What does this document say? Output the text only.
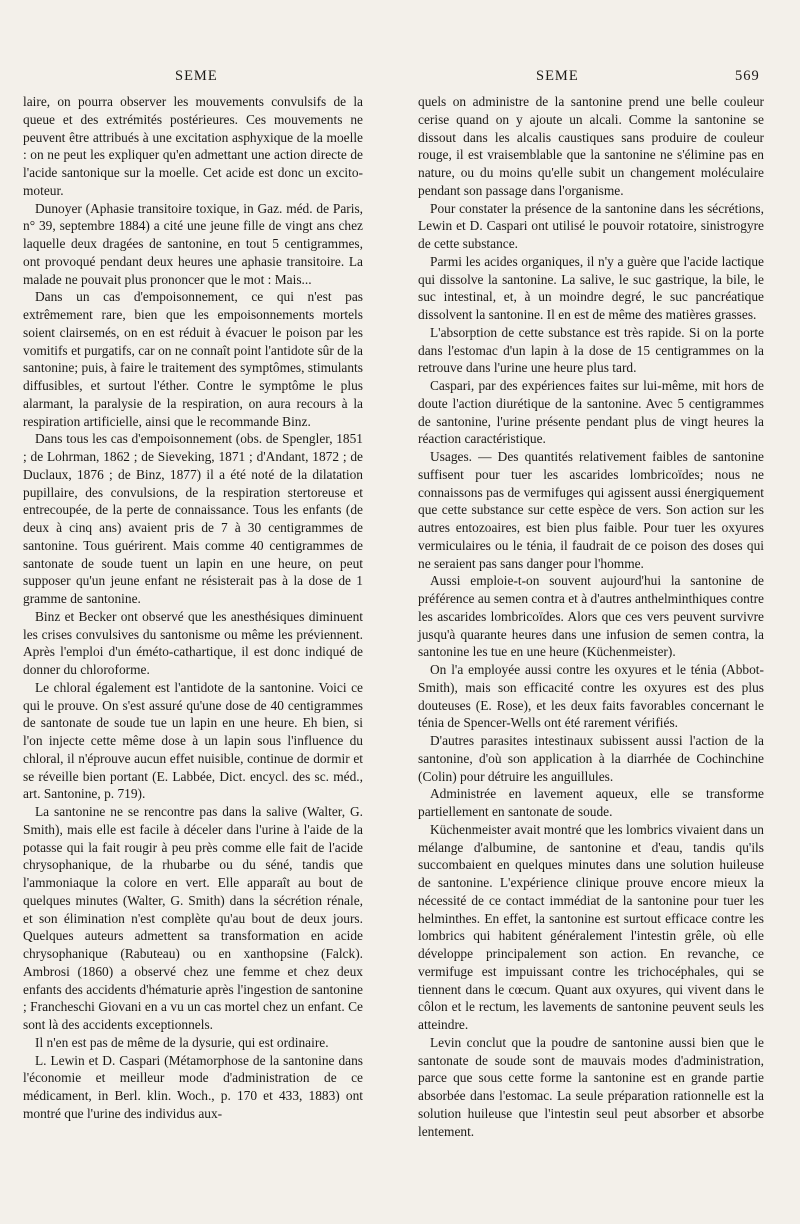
SEME	SEME	569

laire, on pourra observer les mouvements convulsifs de la queue et des extrémités postérieures. Ces mouvements ne peuvent être attribués à une excitation asphyxique de la moelle : on ne peut les expliquer qu'en admettant une action directe de l'acide santonique sur la moelle. Cet acide est donc un excito-moteur.

Dunoyer (Aphasie transitoire toxique, in Gaz. méd. de Paris, n° 39, septembre 1884) a cité une jeune fille de vingt ans chez laquelle deux dragées de santonine, en tout 5 centigrammes, ont provoqué pendant deux heures une aphasie transitoire. La malade ne pouvait plus prononcer que le mot : Mais...

Dans un cas d'empoisonnement, ce qui n'est pas extrêmement rare, bien que les empoisonnements mortels soient clairsemés, on en est réduit à évacuer le poison par les vomitifs et purgatifs, car on ne connaît point l'antidote sûr de la santonine; puis, à faire le traitement des symptômes, stimulants diffusibles, et surtout l'éther. Contre le symptôme le plus alarmant, la paralysie de la respiration, on aura recours à la respiration artificielle, ainsi que le recommande Binz.

Dans tous les cas d'empoisonnement (obs. de Spengler, 1851 ; de Lohrman, 1862 ; de Sieveking, 1871 ; d'Andant, 1872 ; de Duclaux, 1876 ; de Binz, 1877) il a été noté de la dilatation pupillaire, des convulsions, de la respiration stertoreuse et entrecoupée, de la perte de connaissance. Tous les enfants (de deux à cinq ans) avaient pris de 7 à 30 centigrammes de santonine. Tous guérirent. Mais comme 40 centigrammes de santonate de soude tuent un lapin en une heure, on peut supposer qu'un jeune enfant ne résisterait pas à la dose de 1 gramme de santonine.

Binz et Becker ont observé que les anesthésiques diminuent les crises convulsives du santonisme ou même les préviennent. Après l'emploi d'un éméto-cathartique, il est donc indiqué de donner du chloroforme.

Le chloral également est l'antidote de la santonine. Voici ce qui le prouve. On s'est assuré qu'une dose de 40 centigrammes de santonate de soude tue un lapin en une heure. Eh bien, si l'on injecte cette même dose à un lapin sous l'influence du chloral, il n'éprouve aucun effet nuisible, continue de dormir et se réveille bien portant (E. Labbée, Dict. encycl. des sc. méd., art. Santonine, p. 719).

La santonine ne se rencontre pas dans la salive (Walter, G. Smith), mais elle est facile à déceler dans l'urine à l'aide de la potasse qui la fait rougir à peu près comme elle fait de l'acide chrysophanique, de la rhubarbe ou du séné, tandis que l'ammoniaque la colore en vert. Elle apparaît au bout de quelques minutes (Walter, G. Smith) dans la sécrétion rénale, et son élimination n'est complète qu'au bout de deux jours. Quelques auteurs admettent sa transformation en acide chrysophanique (Rabuteau) ou en xanthopsine (Falck). Ambrosi (1860) a observé chez une femme et chez deux enfants des accidents d'hématurie après l'ingestion de santonine ; Francheschi Giovani en a vu un cas mortel chez un enfant. Ce sont là des accidents exceptionnels.

Il n'en est pas de même de la dysurie, qui est ordinaire.

L. Lewin et D. Caspari (Métamorphose de la santonine dans l'économie et meilleur mode d'administration de ce médicament, in Berl. klin. Woch., p. 170 et 433, 1883) ont montré que l'urine des individus aux-

quels on administre de la santonine prend une belle couleur cerise quand on y ajoute un alcali. Comme la santonine se dissout dans les alcalis caustiques sans produire de couleur rouge, il est vraisemblable que la santonine ne s'élimine pas en nature, ou du moins qu'elle subit un changement moléculaire pendant son passage dans l'organisme.

Pour constater la présence de la santonine dans les sécrétions, Lewin et D. Caspari ont utilisé le pouvoir rotatoire, sinistrogyre de cette substance.

Parmi les acides organiques, il n'y a guère que l'acide lactique qui dissolve la santonine. La salive, le suc gastrique, la bile, le suc intestinal, et, à un moindre degré, le suc pancréatique dissolvent la santonine. Il en est de même des matières grasses.

L'absorption de cette substance est très rapide. Si on la porte dans l'estomac d'un lapin à la dose de 15 centigrammes on la retrouve dans l'urine une heure plus tard.

Caspari, par des expériences faites sur lui-même, mit hors de doute l'action diurétique de la santonine. Avec 5 centigrammes de santonine, l'urine présente pendant plus de vingt heures la réaction caractéristique.

Usages. — Des quantités relativement faibles de santonine suffisent pour tuer les ascarides lombricoïdes; nous ne connaissons pas de vermifuges qui agissent aussi énergiquement que cette substance sur cette espèce de vers. Son action sur les autres entozoaires, est bien plus faible. Pour tuer les oxyures vermiculaires ou le ténia, il faudrait de ce poison des doses qui ne seraient pas sans danger pour l'homme.

Aussi emploie-t-on souvent aujourd'hui la santonine de préférence au semen contra et à d'autres anthelminthiques contre les ascarides lombricoïdes. Alors que ces vers peuvent survivre jusqu'à quarante heures dans une infusion de semen contra, la santonine les tue en une heure (Küchenmeister).

On l'a employée aussi contre les oxyures et le ténia (Abbot-Smith), mais son efficacité contre les oxyures est des plus douteuses (E. Rose), et les deux faits favorables concernant le ténia de Spencer-Wells ont été rarement vérifiés.

D'autres parasites intestinaux subissent aussi l'action de la santonine, d'où son application à la diarrhée de Cochinchine (Colin) pour détruire les anguillules.

Administrée en lavement aqueux, elle se transforme partiellement en santonate de soude.

Küchenmeister avait montré que les lombrics vivaient dans un mélange d'albumine, de santonine et d'eau, tandis qu'ils succombaient en quelques minutes dans une solution huileuse de santonine. L'expérience clinique prouve encore mieux la nécessité de ce contact immédiat de la santonine pour tuer les helminthes. En effet, la santonine est surtout efficace contre les lombrics qui habitent généralement l'intestin grêle, où elle développe principalement son action. En revanche, ce vermifuge est impuissant contre les trichocéphales, qui se tiennent dans le cœcum. Quant aux oxyures, qui vivent dans le côlon et le rectum, les lavements de santonine peuvent seuls les atteindre.

Levin conclut que la poudre de santonine aussi bien que le santonate de soude sont de mauvais modes d'administration, parce que sous cette forme la santonine est en grande partie absorbée dans l'estomac. La seule préparation rationnelle est la solution huileuse que l'intestin seul peut absorber et absorbe lentement.
